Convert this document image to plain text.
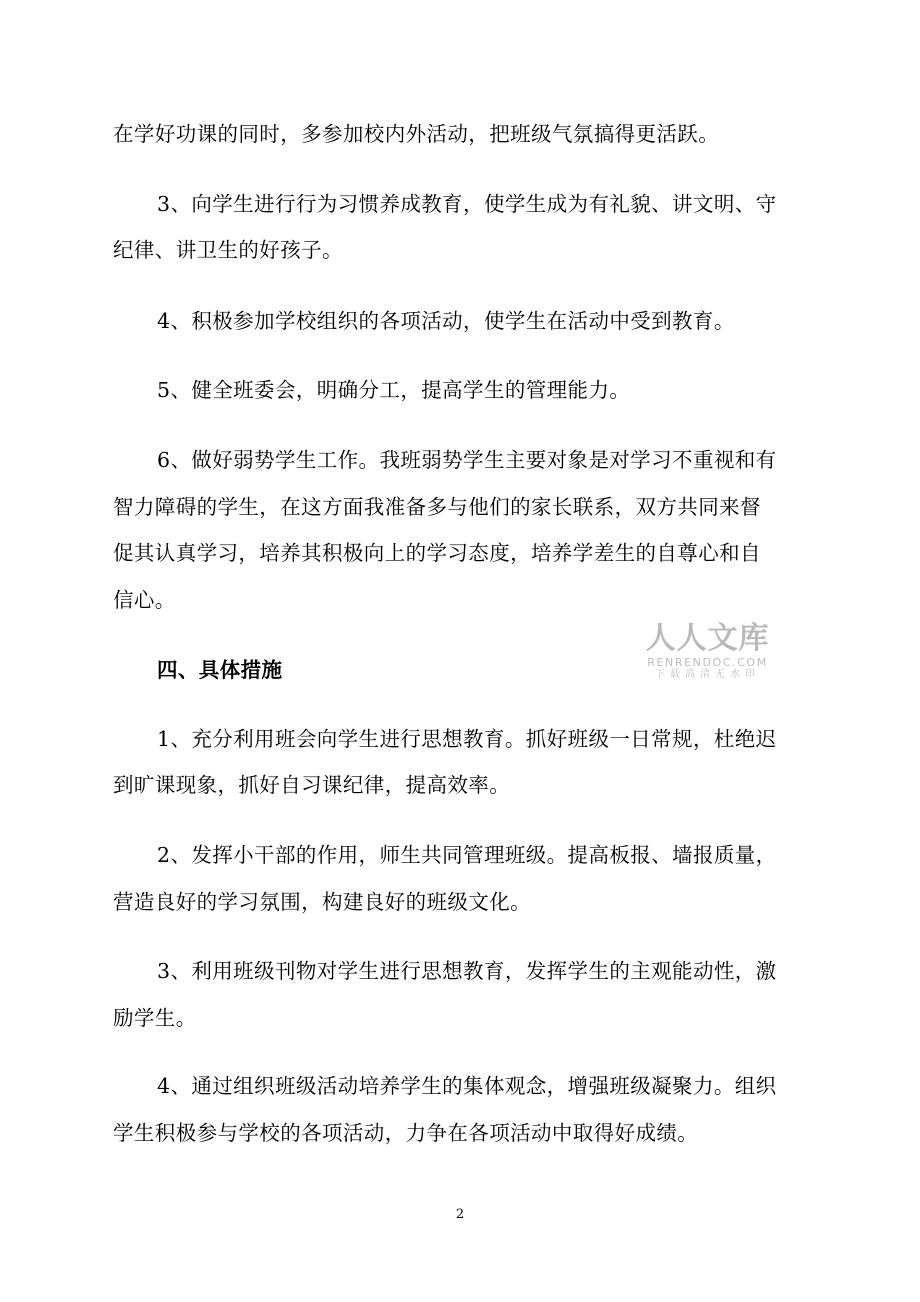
在学好功课的同时，多参加校内外活动，把班级气氛搞得更活跃。
3、向学生进行行为习惯养成教育，使学生成为有礼貌、讲文明、守
纪律、讲卫生的好孩子。
4、积极参加学校组织的各项活动，使学生在活动中受到教育。
5、健全班委会，明确分工，提高学生的管理能力。
6、做好弱势学生工作。我班弱势学生主要对象是对学习不重视和有
智力障碍的学生，在这方面我准备多与他们的家长联系，双方共同来督
促其认真学习，培养其积极向上的学习态度，培养学差生的自尊心和自
信心。
四、具体措施
1、充分利用班会向学生进行思想教育。抓好班级一日常规，杜绝迟
到旷课现象，抓好自习课纪律，提高效率。
2、发挥小干部的作用，师生共同管理班级。提高板报、墙报质量，
营造良好的学习氛围，构建良好的班级文化。
3、利用班级刊物对学生进行思想教育，发挥学生的主观能动性，激
励学生。
4、通过组织班级活动培养学生的集体观念，增强班级凝聚力。组织
学生积极参与学校的各项活动，力争在各项活动中取得好成绩。
人人文库
RENRENDOC.COM
下载高清无水印
2
